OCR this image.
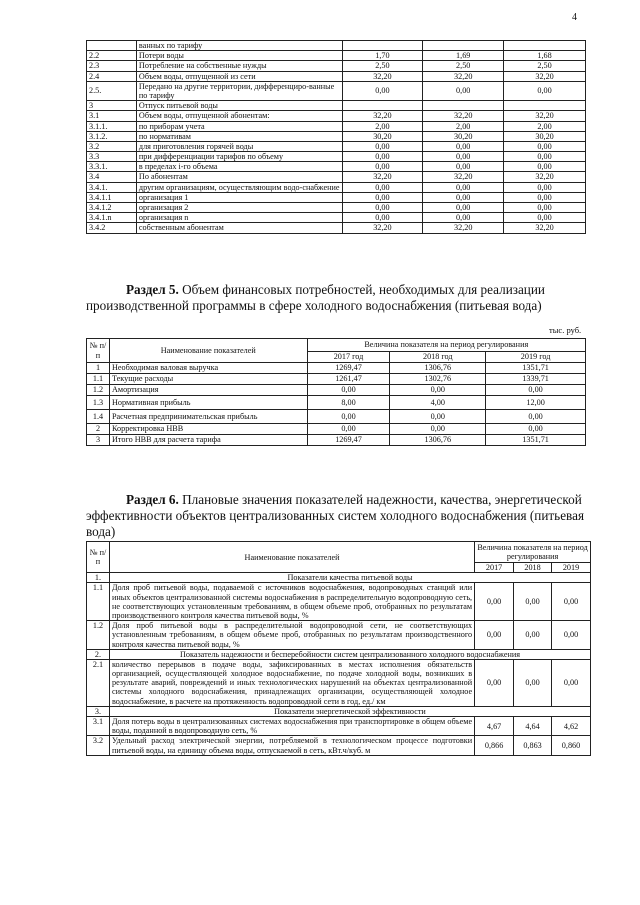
4
	ванных по тарифу			
2.2	Потери воды	1,70	1,69	1,68
2.3	Потребление на собственные нужды	2,50	2,50	2,50
2.4	Объем воды, отпущенной из сети	32,20	32,20	32,20
2.5.	Передано на другие территории, дифференциро-ванные по тарифу	0,00	0,00	0,00
3	Отпуск питьевой воды			
3.1	Объем воды, отпущенной абонентам:	32,20	32,20	32,20
3.1.1.	по приборам учета	2,00	2,00	2,00
3.1.2.	по нормативам	30,20	30,20	30,20
3.2	для приготовления горячей воды	0,00	0,00	0,00
3.3	при дифференциации тарифов по объему	0,00	0,00	0,00
3.3.1.	в пределах i-го объема	0,00	0,00	0,00
3.4	По абонентам	32,20	32,20	32,20
3.4.1.	другим организациям, осуществляющим водо-снабжение	0,00	0,00	0,00
3.4.1.1	организация 1	0,00	0,00	0,00
3.4.1.2	организация 2	0,00	0,00	0,00
3.4.1.n	организация n	0,00	0,00	0,00
3.4.2	собственным абонентам	32,20	32,20	32,20
Раздел 5. Объем финансовых потребностей, необходимых для реализации производственной программы в сфере холодного водоснабжения (питьевая вода)
тыс. руб.
№ п/п	Наименование показателей	Величина показателя на период регулирования		
		2017 год	2018 год	2019 год
1	Необходимая валовая выручка	1269,47	1306,76	1351,71
1.1	Текущие расходы	1261,47	1302,76	1339,71
1.2	Амортизация	0,00	0,00	0,00
1.3	Нормативная прибыль	8,00	4,00	12,00
1.4	Расчетная предпринимательская прибыль	0,00	0,00	0,00
2	Корректировка НВВ	0,00	0,00	0,00
3	Итого НВВ для расчета тарифа	1269,47	1306,76	1351,71
Раздел 6. Плановые значения показателей надежности, качества, энергетической эффективности объектов централизованных систем холодного водоснабжения (питьевая вода)
№ п/п	Наименование показателей	Величина показателя на период регулирования		
		2017	2018	2019
1.	Показатели качества питьевой воды			
1.1	Доля проб питьевой воды, подаваемой с источников водоснабжения, водопроводных станций или иных объектов централизованной системы водоснабжения в распределительную водопроводную сеть, не соответствующих установленным требованиям, в общем объеме проб, отобранных по результатам производственного контроля качества питьевой воды, %	0,00	0,00	0,00
1.2	Доля проб питьевой воды в распределительной водопроводной сети, не соответствующих установленным требованиям, в общем объеме проб, отобранных по результатам производственного контроля качества питьевой воды, %	0,00	0,00	0,00
2.	Показатель надежности и бесперебойности систем централизованного холодного водоснабжения			
2.1	количество перерывов в подаче воды, зафиксированных в местах исполнения обязательств организацией, осуществляющей холодное водоснабжение, по подаче холодной воды, возникших в результате аварий, повреждений и иных технологических нарушений на объектах централизованной системы холодного водоснабжения, принадлежащих организации, осуществляющей холодное водоснабжение, в расчете на протяженность водопроводной сети в год, ед./ км	0,00	0,00	0,00
3.	Показатели энергетической эффективности			
3.1	Доля потерь воды в централизованных системах водоснабжения при транспортировке в общем объеме воды, поданной в водопроводную сеть, %	4,67	4,64	4,62
3.2	Удельный расход электрической энергии, потребляемой в технологическом процессе подготовки питьевой воды, на единицу объема воды, отпускаемой в сеть, кВт.ч/куб. м	0,866	0,863	0,860
